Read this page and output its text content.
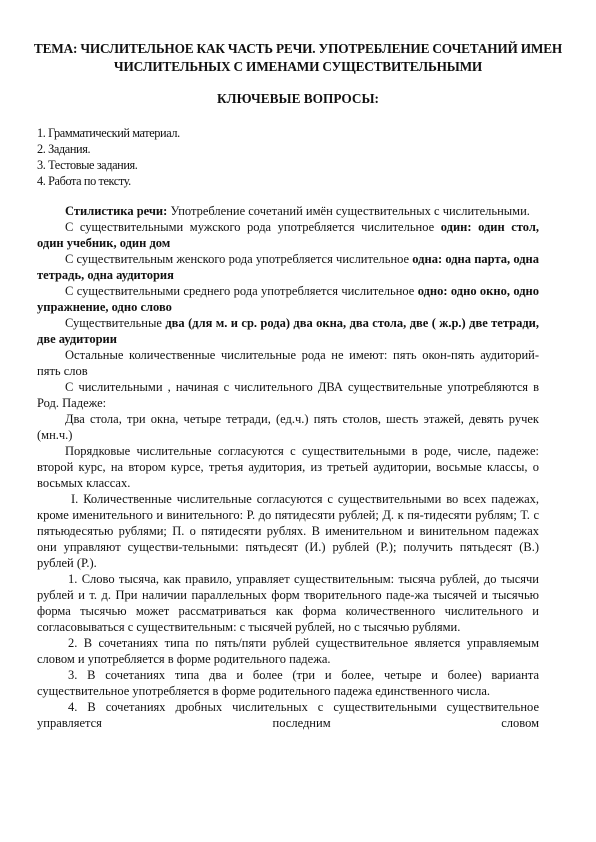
ТЕМА: ЧИСЛИТЕЛЬНОЕ КАК ЧАСТЬ РЕЧИ. УПОТРЕБЛЕНИЕ СОЧЕТАНИЙ ИМЕН ЧИСЛИТЕЛЬНЫХ С ИМЕНАМИ СУЩЕСТВИТЕЛЬНЫМИ
КЛЮЧЕВЫЕ ВОПРОСЫ:
1. Грамматический материал.
2. Задания.
3. Тестовые задания.
4. Работа по тексту.

Стилистика речи: Употребление сочетаний имён существительных с числительными.

С существительными мужского рода употребляется числительное один: один стол, один учебник, один дом

С существительным женского рода употребляется числительное одна: одна парта, одна тетрадь, одна аудитория

С существительными среднего рода употребляется числительное одно: одно окно, одно упражнение, одно слово

Существительные два (для м. и ср. рода) два окна, два стола, две ( ж.р.) две тетради, две аудитории

Остальные количественные числительные рода не имеют: пять окон-пять аудиторий-пять слов

С числительными , начиная с числительного ДВА существительные употребляются в Род. Падеже:

Два стола, три окна, четыре тетради, (ед.ч.) пять столов, шесть этажей, девять ручек (мн.ч.)

Порядковые числительные согласуются с существительными в роде, числе, падеже: второй курс, на втором курсе, третья аудитория, из третьей аудитории, восьмые классы, о восьмых классах.

I. Количественные числительные согласуются с существительными во всех падежах, кроме именительного и винительного: Р. до пятидесяти рублей; Д. к пя-тидесяти рублям; Т. с пятьюдесятью рублями; П. о пятидесяти рублях. В именительном и винительном падежах они управляют существи-тельными: пятьдесят (И.) рублей (Р.); получить пятьдесят (В.) рублей (Р.).

1. Слово тысяча, как правило, управляет существительным: тысяча рублей, до тысячи рублей и т. д. При наличии параллельных форм творительного паде-жа тысячей и тысячью форма тысячью может рассматриваться как форма количественного числительного и согласовываться с существительным: с тысячей рублей, но с тысячью рублями.

2. В сочетаниях типа по пять/пяти рублей существительное является управляемым словом и употребляется в форме родительного падежа.

3. В сочетаниях типа два и более (три и более, четыре и более) варианта существительное употребляется в форме родительного падежа единственного числа.

4. В сочетаниях дробных числительных с существительными существительное управляется последним словом
